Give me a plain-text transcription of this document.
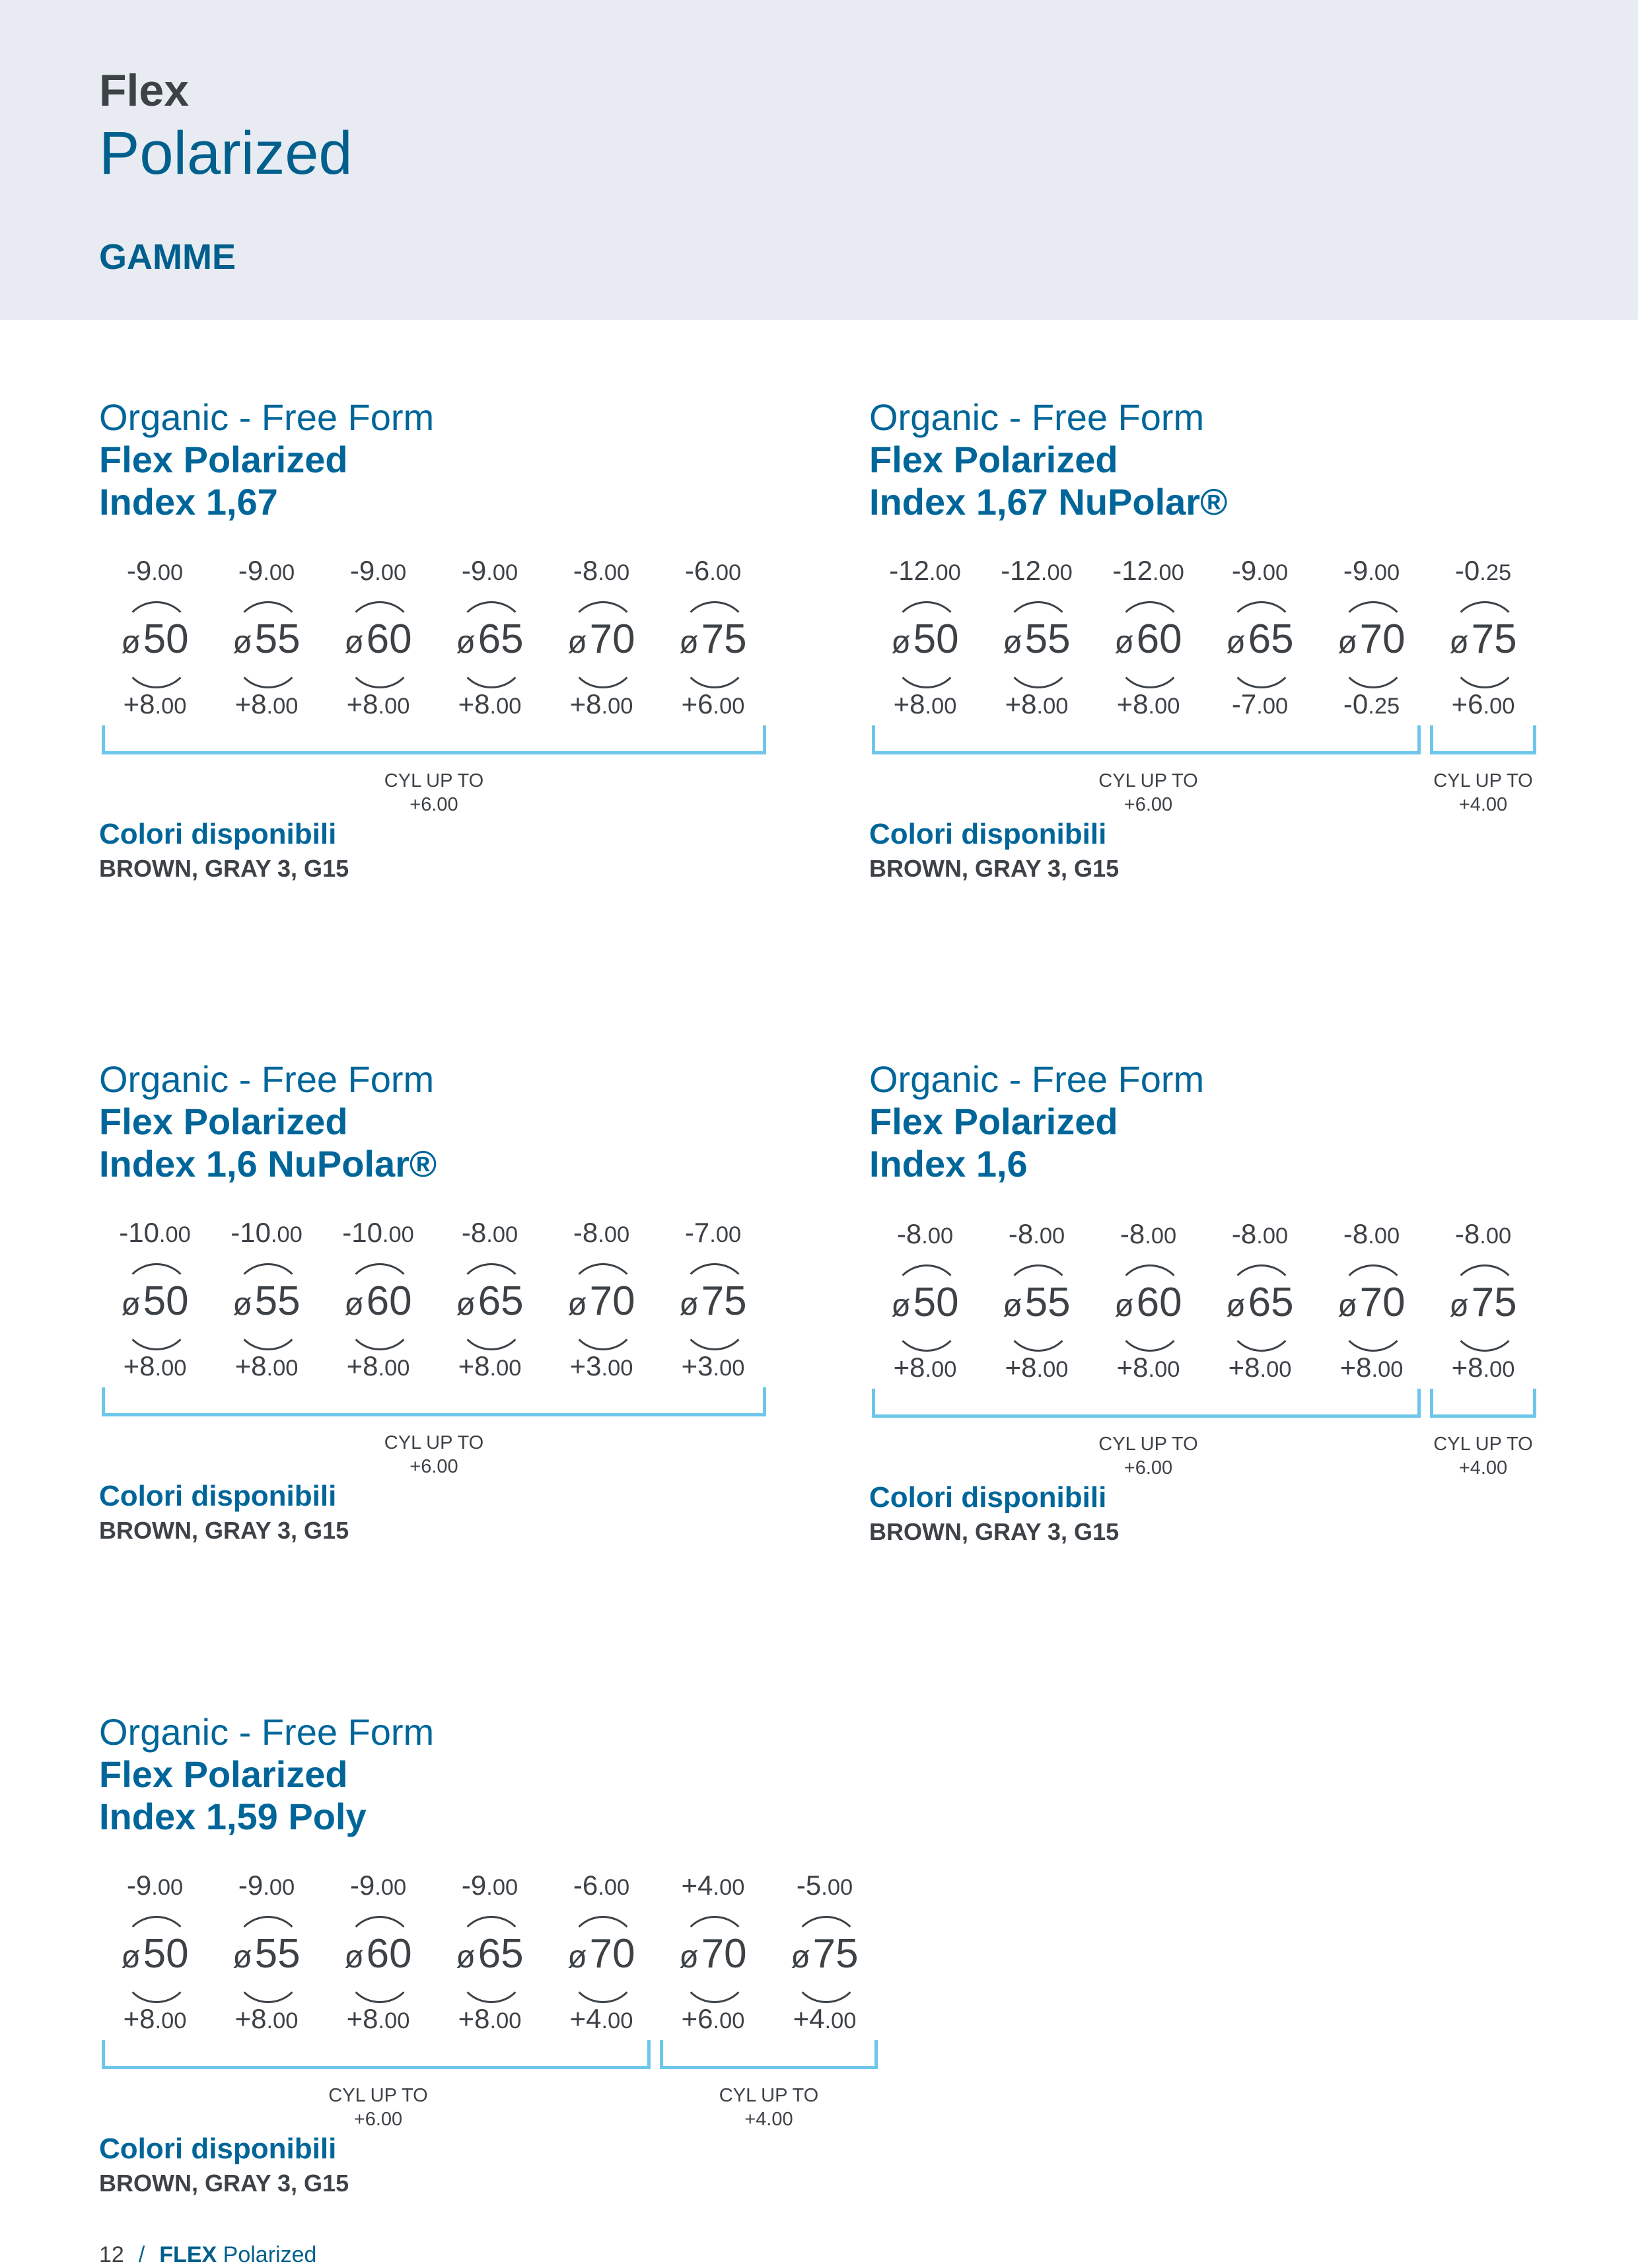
Flex
Polarized
GAMME
Organic - Free Form
Flex Polarized
Index 1,67
-9.00
ø50
+8.00
-9.00
ø55
+8.00
-9.00
ø60
+8.00
-9.00
ø65
+8.00
-8.00
ø70
+8.00
-6.00
ø75
+6.00
CYL UP TO
+6.00
Colori disponibili
BROWN, GRAY 3, G15
Organic - Free Form
Flex Polarized
Index 1,67 NuPolar®
-12.00
ø50
+8.00
-12.00
ø55
+8.00
-12.00
ø60
+8.00
-9.00
ø65
-7.00
-9.00
ø70
-0.25
-0.25
ø75
+6.00
CYL UP TO
+6.00
CYL UP TO
+4.00
Colori disponibili
BROWN, GRAY 3, G15
Organic - Free Form
Flex Polarized
Index 1,6 NuPolar®
-10.00
ø50
+8.00
-10.00
ø55
+8.00
-10.00
ø60
+8.00
-8.00
ø65
+8.00
-8.00
ø70
+3.00
-7.00
ø75
+3.00
CYL UP TO
+6.00
Colori disponibili
BROWN, GRAY 3, G15
Organic - Free Form
Flex Polarized
Index 1,6
-8.00
ø50
+8.00
-8.00
ø55
+8.00
-8.00
ø60
+8.00
-8.00
ø65
+8.00
-8.00
ø70
+8.00
-8.00
ø75
+8.00
CYL UP TO
+6.00
CYL UP TO
+4.00
Colori disponibili
BROWN, GRAY 3, G15
Organic - Free Form
Flex Polarized
Index 1,59 Poly
-9.00
ø50
+8.00
-9.00
ø55
+8.00
-9.00
ø60
+8.00
-9.00
ø65
+8.00
-6.00
ø70
+4.00
+4.00
ø70
+6.00
-5.00
ø75
+4.00
CYL UP TO
+6.00
CYL UP TO
+4.00
Colori disponibili
BROWN, GRAY 3, G15
12 / FLEX Polarized
